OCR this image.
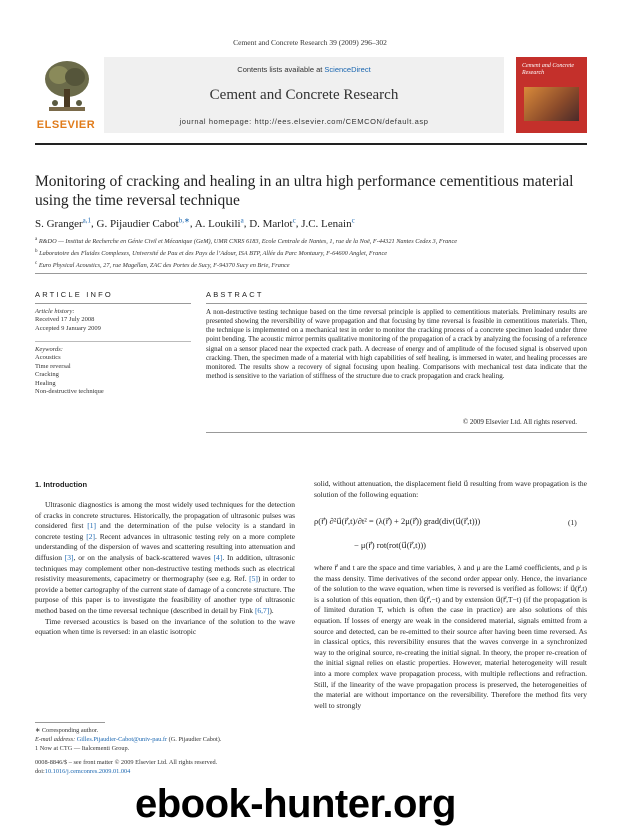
Cement and Concrete Research 39 (2009) 296–302
ELSEVIER
Contents lists available at ScienceDirect
Cement and Concrete Research
journal homepage: http://ees.elsevier.com/CEMCON/default.asp
Cement and Concrete Research
Monitoring of cracking and healing in an ultra high performance cementitious material using the time reversal technique
S. Granger$^{a,1}$, G. Pijaudier Cabot$^{b,∗}$, A. Loukili$^a$, D. Marlot$^c$, J.C. Lenain$^c$
$^a$ R&DO — Institut de Recherche en Génie Civil et Mécanique (GeM), UMR CNRS 6183, Ecole Centrale de Nantes, 1, rue de la Noë, F-44321 Nantes Cedex 3, France
$^b$ Laboratoire des Fluides Complexes, Université de Pau et des Pays de l’Adour, ISA BTP, Allée du Parc Montaury, F-64600 Anglet, France
$^c$ Euro Physical Acoustics, 27, rue Magellan, ZAC des Portes de Sucy, F-94370 Sucy en Brie, France
ARTICLE INFO	ABSTRACT
Article history:
Received 17 July 2008
Accepted 9 January 2009
Keywords:
Acoustics
Time reversal
Cracking
Healing
Non-destructive technique
A non-destructive testing technique based on the time reversal principle is applied to cementitious materials. Preliminary results are presented showing the reversibility of wave propagation and that focusing by time reversal is feasible in cementitious materials. Then, the technique is implemented on a mechanical test in order to monitor the cracking process of a concrete specimen loaded under three point bending. The acoustic mirror permits qualitative monitoring of the propagation of a crack by analyzing the focusing of a reference signal on a sensor placed near the expected crack path. A decrease of energy and of amplitude of the focused signal is observed upon cracking. Then, the specimen made of a material with high capabilities of self healing, is immersed in water, and healing processes are monitored. The results show a recovery of signal focusing upon healing. Comparisons with mechanical test data indicate that the method is sensitive to the variation of stiffness of the structure due to crack propagation and crack healing.
© 2009 Elsevier Ltd. All rights reserved.
1. Introduction

Ultrasonic diagnostics is among the most widely used techniques for the detection of cracks in concrete structures. Historically, the propagation of ultrasonic pulses was considered first [1] and the determination of the pulse velocity is a standard in concrete testing [2]. Recent advances in ultrasonic testing rely on a more complete understanding of the dispersion of waves and scattering resulting into attenuation and diffusion [3], or on the analysis of back-scattered waves [4]. In addition, ultrasonic techniques may complement other non-destructive testing methods such as electrical resistivity measurements, capacimetry or thermography (see e.g. Ref. [5]) in order to provide a better cartography of the current state of damage of a concrete structure. The purpose of this paper is to investigate the feasibility of another type of ultrasonic method based on the time reversal technique (described in detail by Fink [6,7]).

Time reversed acoustics is based on the invariance of the solution to the wave equation when time is reversed: in an elastic isotropic

solid, without attenuation, the displacement field u⃗ resulting from wave propagation is the solution of the following equation:

ρ(r⃗) ∂²u⃗(r⃗,t)/∂t² = (λ(r⃗) + 2μ(r⃗)) grad(div(u⃗(r⃗,t)))
− μ(r⃗) rot(rot(u⃗(r⃗,t)))
(1)

where r⃗ and t are the space and time variables, λ and μ are the Lamé coefficients, and ρ is the mass density. Time derivatives of the second order appear only. Hence, the invariance of the solution to the wave equation, when time is reversed is verified as follows: if u⃗(r⃗,t) is a solution of this equation, then u⃗(r⃗,−t) and by extension u⃗(r⃗,T−t) (if the propagation is of limited duration T, which is often the case in practice) are also solutions of this equation. If losses of energy are weak in the considered material, signals emitted from a source and detected, can be re-emitted to their source after having been time reversed. As in classical optics, this reversibility ensures that the waves converge in a synchronized way to the original source, re-creating the initial signal. In theory, the proper re-creation of the initial signal relies on elastic properties. However, material heterogeneity will result into a more complex wave propagation process, with multiple reflections and refraction. Still, if the linearity of the wave propagation process is preserved, the heterogeneities of the material are without importance on the reversibility. Therefore the method fits very well to strongly

∗ Corresponding author.
E-mail address: Gilles.Pijaudier-Cabot@univ-pau.fr (G. Pijaudier Cabot).
1 Now at CTG — Italcementi Group.
0008-8846/$ – see front matter © 2009 Elsevier Ltd. All rights reserved.
doi:10.1016/j.cemconres.2009.01.004
ebook-hunter.org
